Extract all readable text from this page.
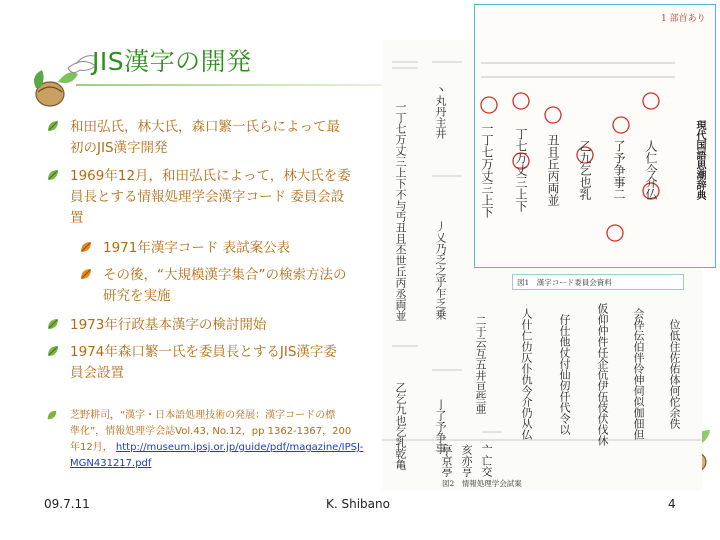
JIS漢字の開発
和田弘氏，林大氏，森口繁一氏らによって最
初のJIS漢字開発
1969年12月，和田弘氏によって，林大氏を委
員長とする情報処理学会漢字コード 委員会設
置
1971年漢字コード 表試案公表
その後，“大規模漢字集合”の検索方法の
研究を実施
1973年行政基本漢字の検討開始
1974年森口繁一氏を委員長とするJIS漢字委
員会設置
芝野耕司，“漢字・日本語処理技術の発展：漢字コードの標
準化”，情報処理学会誌Vol.43, No.12，pp 1362-1367，200
年12月， http://museum.ipsj.or.jp/guide/pdf/magazine/IPSJ-
MGN431217.pdf
一丁七万丈三上下不与丐丑且丕世丘丙丞両並 丶丸丹主井
丿乂乃乏之乎乍乏乗
乙乞九也乞乳乾亀 亅了予争事
二于云互五井亘些亜
亠亡交亥亦亨享京亭
人什仁仂仄仆仇今介仍从仏 仔仕他仗付仙仞仟代令以 仮仰仲件任企伉伊伍伎伏伐休 会伜伝伯伴伶伸伺似伽佃但 位低住佐佑体何佗余佚
図2　情報処理学会試案
1 部首あり
現代国語思潮辞典
一丁七万丈三上下 丁七万丈三上下 丑且丘丙両並 乙九乞也乳 了予争事二 人仁今介仏
図1　漢字コード委員会資料
09.7.11	K. Shibano	4
